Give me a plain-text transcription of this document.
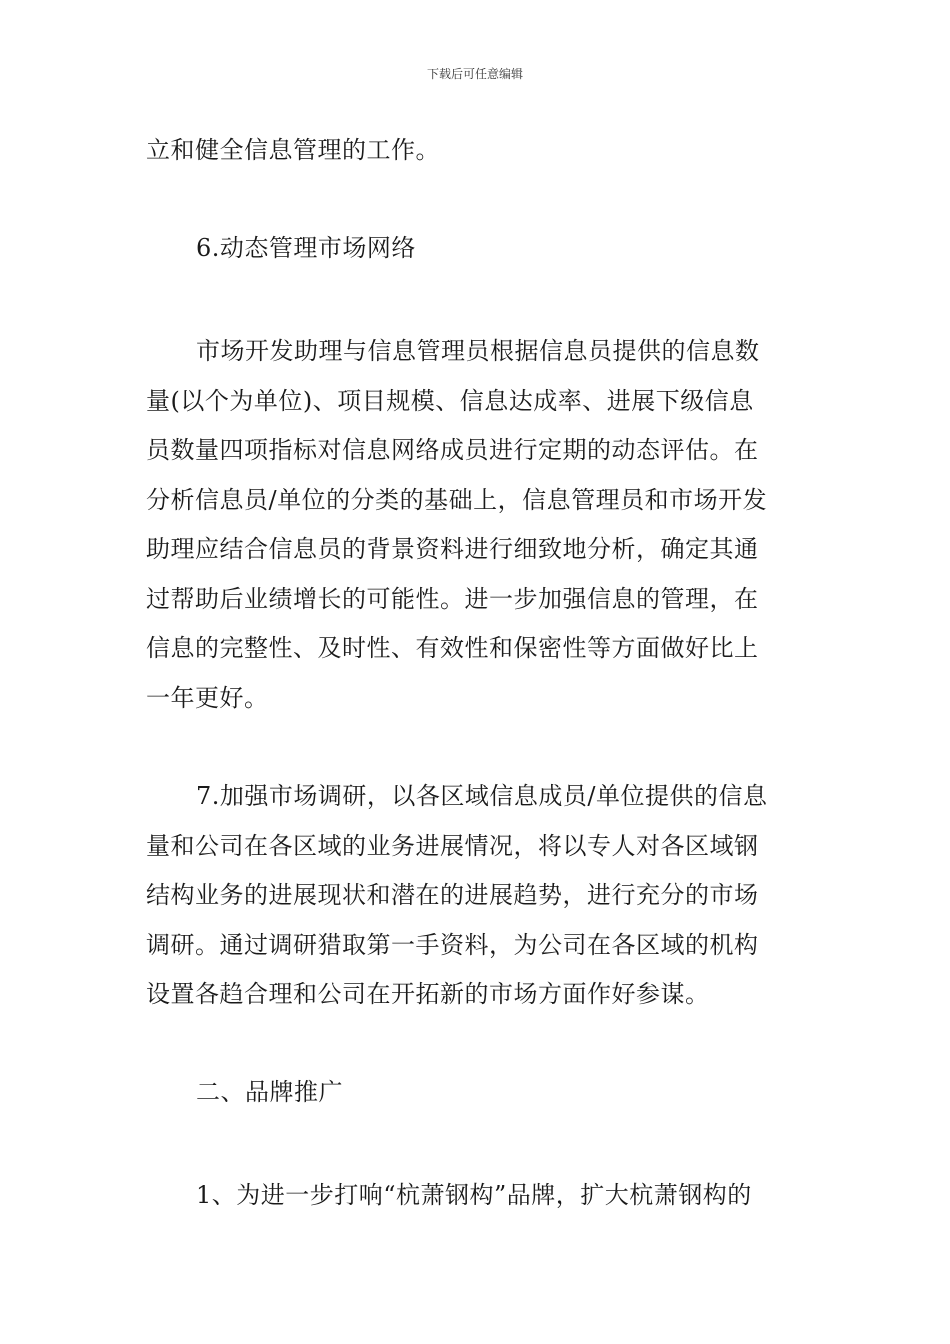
下载后可任意编辑
立和健全信息管理的工作。
6.动态管理市场网络
市场开发助理与信息管理员根据信息员提供的信息数
量(以个为单位)、项目规模、信息达成率、进展下级信息
员数量四项指标对信息网络成员进行定期的动态评估。在
分析信息员/单位的分类的基础上，信息管理员和市场开发
助理应结合信息员的背景资料进行细致地分析，确定其通
过帮助后业绩增长的可能性。进一步加强信息的管理，在
信息的完整性、及时性、有效性和保密性等方面做好比上
一年更好。
7.加强市场调研，以各区域信息成员/单位提供的信息
量和公司在各区域的业务进展情况，将以专人对各区域钢
结构业务的进展现状和潜在的进展趋势，进行充分的市场
调研。通过调研猎取第一手资料，为公司在各区域的机构
设置各趋合理和公司在开拓新的市场方面作好参谋。
二、品牌推广
1、为进一步打响“杭萧钢构”品牌，扩大杭萧钢构的
